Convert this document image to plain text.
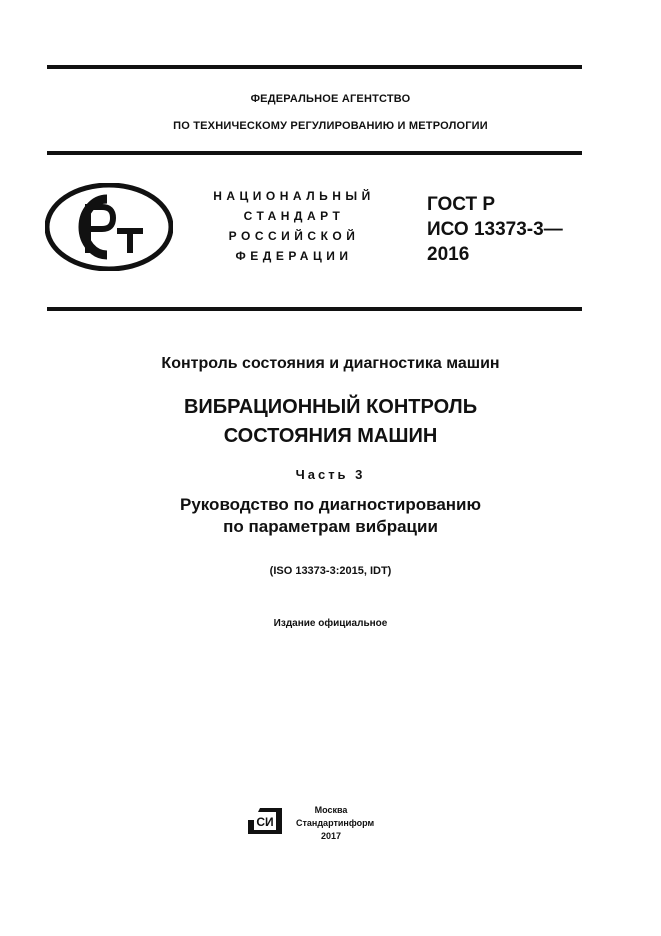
ФЕДЕРАЛЬНОЕ АГЕНТСТВО
ПО ТЕХНИЧЕСКОМУ РЕГУЛИРОВАНИЮ И МЕТРОЛОГИИ
РСТ
НАЦИОНАЛЬНЫЙ
СТАНДАРТ
РОССИЙСКОЙ
ФЕДЕРАЦИИ
ГОСТ Р
ИСО 13373-3—
2016
Контроль состояния и диагностика машин
ВИБРАЦИОННЫЙ КОНТРОЛЬ
СОСТОЯНИЯ МАШИН
Часть 3
Руководство по диагностированию
по параметрам вибрации
(ISO 13373-3:2015, IDT)
Издание официальное
СИ
Москва
Стандартинформ
2017
